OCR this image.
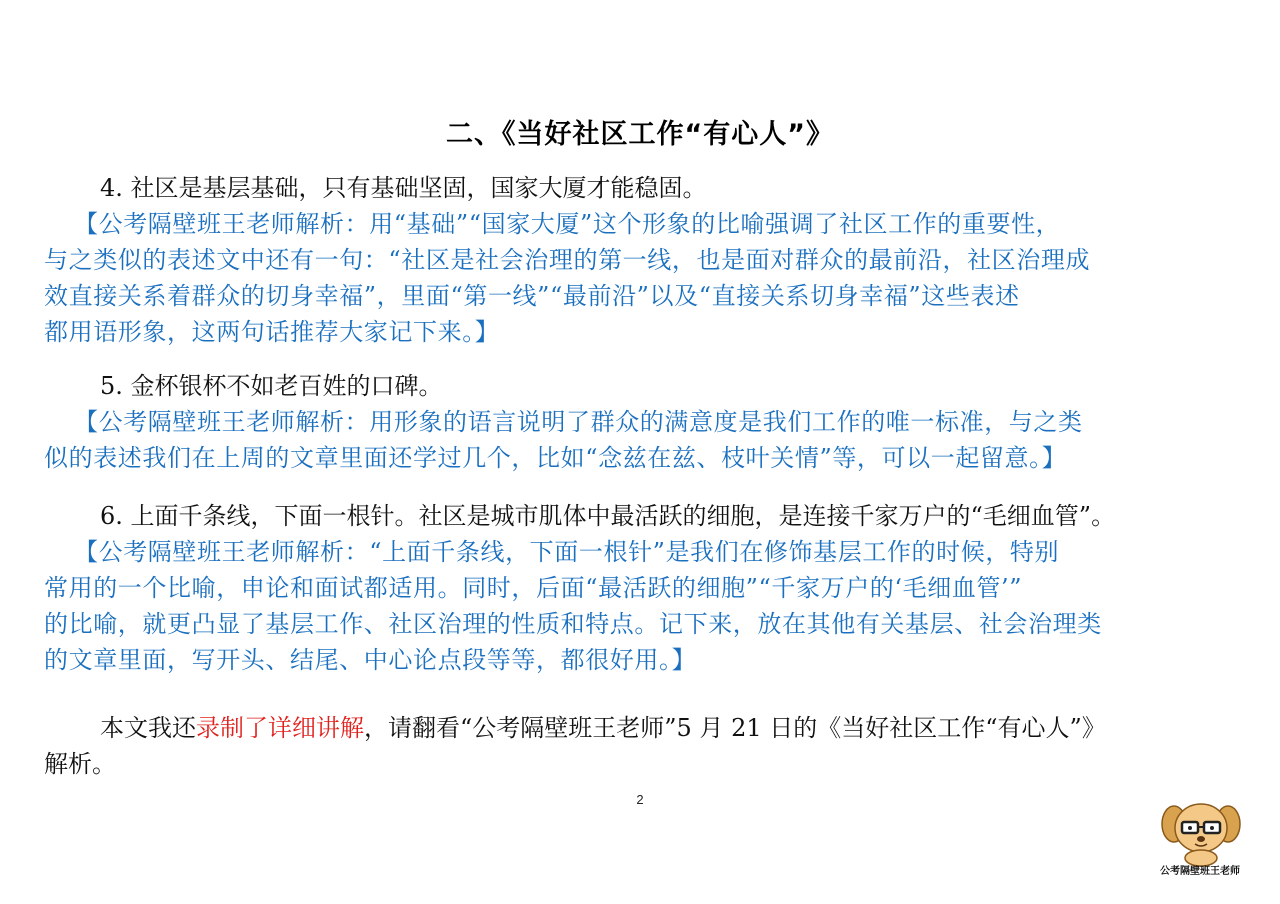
二、《当好社区工作“有心人”》
4. 社区是基层基础，只有基础坚固，国家大厦才能稳固。
【公考隔壁班王老师解析：用“基础”“国家大厦”这个形象的比喻强调了社区工作的重要性，
与之类似的表述文中还有一句：“社区是社会治理的第一线，也是面对群众的最前沿，社区治理成
效直接关系着群众的切身幸福”，里面“第一线”“最前沿”以及“直接关系切身幸福”这些表述
都用语形象，这两句话推荐大家记下来。】
5. 金杯银杯不如老百姓的口碑。
【公考隔壁班王老师解析：用形象的语言说明了群众的满意度是我们工作的唯一标准，与之类
似的表述我们在上周的文章里面还学过几个，比如“念兹在兹、枝叶关情”等，可以一起留意。】
6. 上面千条线，下面一根针。社区是城市肌体中最活跃的细胞，是连接千家万户的“毛细血管”。
【公考隔壁班王老师解析：“上面千条线，下面一根针”是我们在修饰基层工作的时候，特别
常用的一个比喻，申论和面试都适用。同时，后面“最活跃的细胞”“千家万户的‘毛细血管’”
的比喻，就更凸显了基层工作、社区治理的性质和特点。记下来，放在其他有关基层、社会治理类
的文章里面，写开头、结尾、中心论点段等等，都很好用。】
本文我还录制了详细讲解，请翻看“公考隔壁班王老师”5 月 21 日的《当好社区工作“有心人”》
解析。
2
公考隔壁班王老师
